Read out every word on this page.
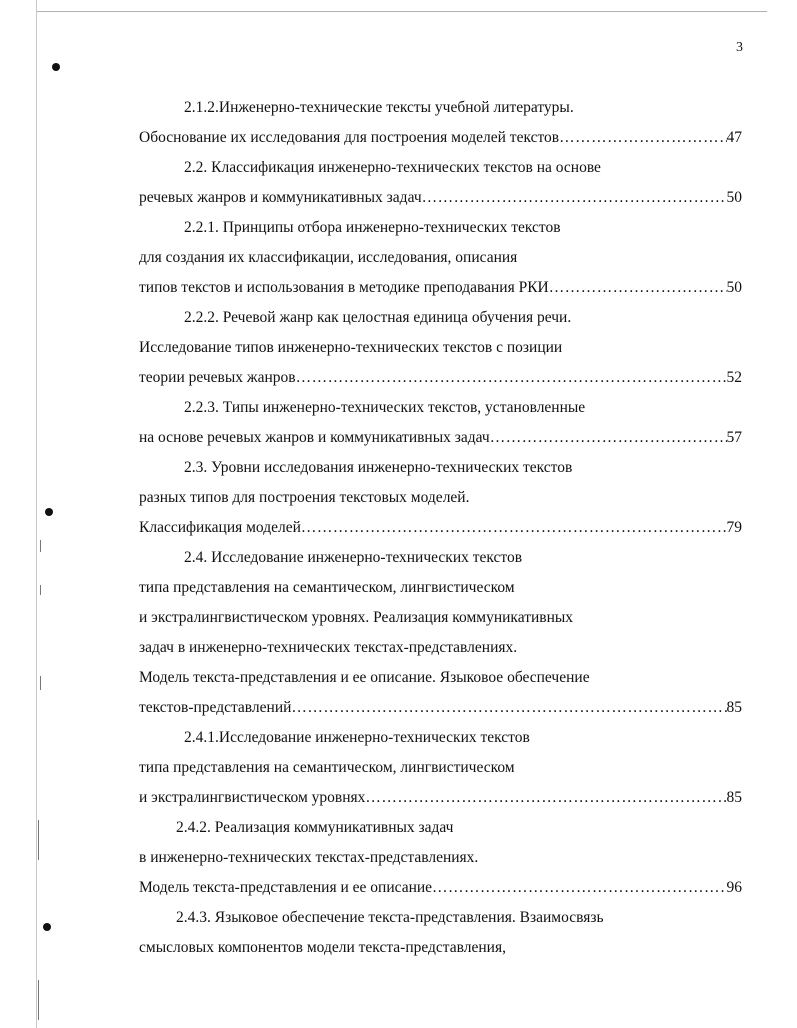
3
2.1.2.Инженерно-технические тексты учебной литературы.
Обоснование их исследования для построения моделей текстов ………………………………………………………………………………………………………………………………………………	47
2.2. Классификация инженерно-технических текстов на основе
речевых жанров и коммуникативных задач ………………………………………………………………………………………………………………………………………………	50
2.2.1. Принципы отбора инженерно-технических текстов
для создания их классификации, исследования, описания
типов текстов и использования в методике преподавания РКИ ………………………………………………………………………………………………………………………………………………	50
2.2.2. Речевой жанр как целостная единица обучения речи.
Исследование типов инженерно-технических текстов с позиции
теории речевых жанров ………………………………………………………………………………………………………………………………………………	52
2.2.3. Типы инженерно-технических текстов, установленные
на основе речевых жанров и коммуникативных задач ………………………………………………………………………………………………………………………………………………	57
2.3. Уровни исследования инженерно-технических текстов
разных типов для построения текстовых моделей.
Классификация моделей ………………………………………………………………………………………………………………………………………………	79
2.4. Исследование инженерно-технических текстов
типа представления на семантическом, лингвистическом
и экстралингвистическом уровнях. Реализация коммуникативных
задач в инженерно-технических текстах-представлениях.
Модель текста-представления и ее описание. Языковое обеспечение
текстов-представлений ………………………………………………………………………………………………………………………………………………	85
2.4.1.Исследование инженерно-технических текстов
типа представления на семантическом, лингвистическом
и экстралингвистическом уровнях ………………………………………………………………………………………………………………………………………………	85
2.4.2. Реализация коммуникативных задач
в инженерно-технических текстах-представлениях.
Модель текста-представления и ее описание ………………………………………………………………………………………………………………………………………………	96
2.4.3. Языковое обеспечение текста-представления. Взаимосвязь
смысловых компонентов модели текста-представления,
